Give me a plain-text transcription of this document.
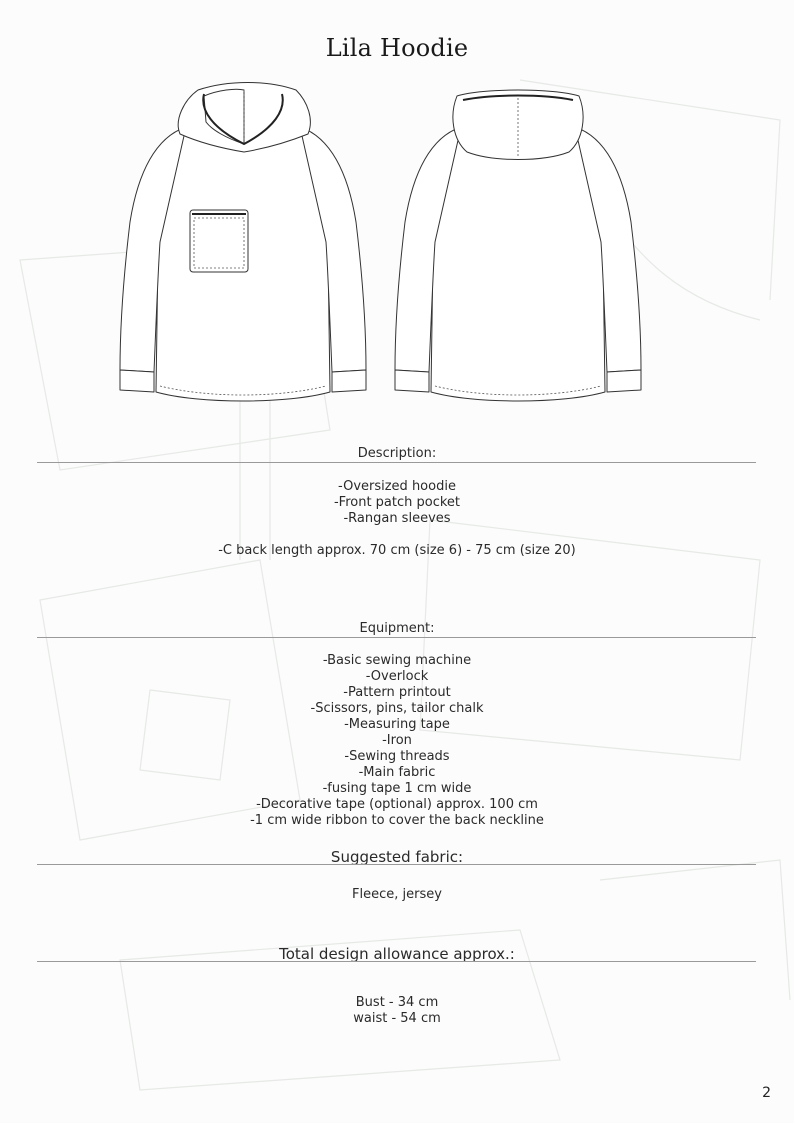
Lila Hoodie
Description:
-Oversized hoodie
-Front patch pocket
-Rangan sleeves
-C back length approx. 70 cm (size 6) - 75 cm (size 20)
Equipment:
-Basic sewing machine
-Overlock
-Pattern printout
-Scissors, pins, tailor chalk
-Measuring tape
-Iron
-Sewing threads
-Main fabric
-fusing tape 1 cm wide
-Decorative tape (optional) approx. 100 cm
-1 cm wide ribbon to cover the back neckline
Suggested fabric:
Fleece, jersey
Total design allowance approx.:
Bust - 34 cm
waist - 54 cm
2
